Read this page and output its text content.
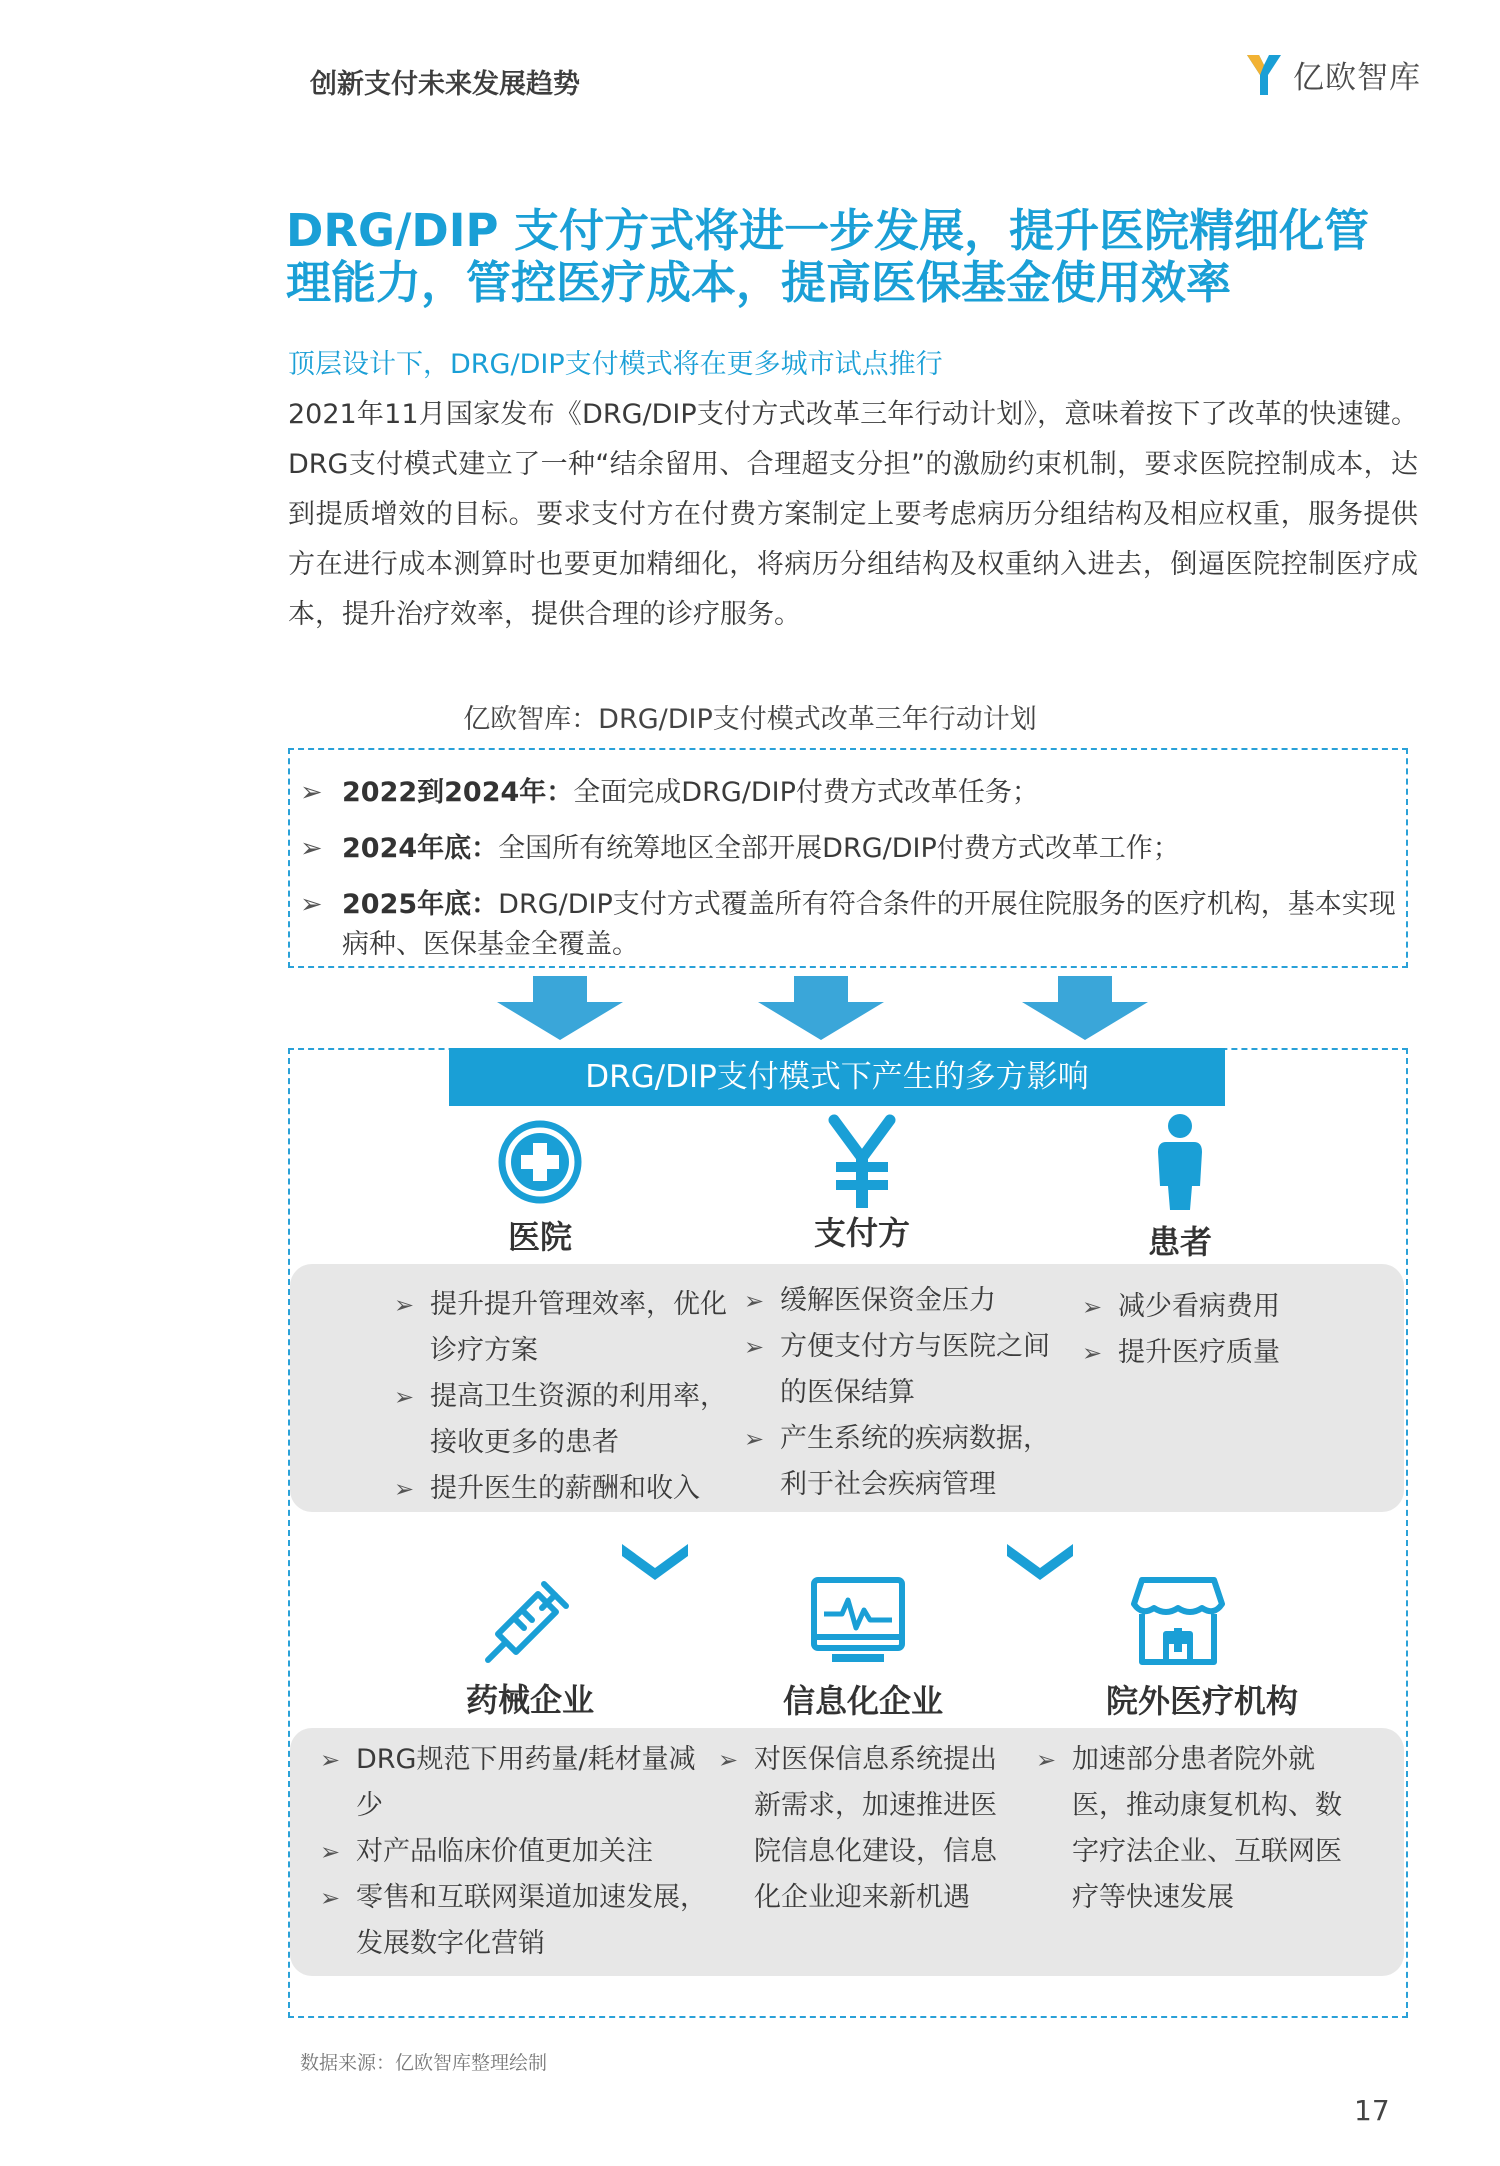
创新支付未来发展趋势	亿欧智库
DRG/DIP 支付方式将进一步发展，提升医院精细化管理能力，管控医疗成本，提高医保基金使用效率
顶层设计下，DRG/DIP支付模式将在更多城市试点推行
2021年11月国家发布《DRG/DIP支付方式改革三年行动计划》，意味着按下了改革的快速键。DRG支付模式建立了一种“结余留用、合理超支分担”的激励约束机制，要求医院控制成本，达到提质增效的目标。要求支付方在付费方案制定上要考虑病历分组结构及相应权重，服务提供方在进行成本测算时也要更加精细化，将病历分组结构及权重纳入进去，倒逼医院控制医疗成本，提升治疗效率，提供合理的诊疗服务。
亿欧智库：DRG/DIP支付模式改革三年行动计划
➢ 2022到2024年：全面完成DRG/DIP付费方式改革任务；
➢ 2024年底：全国所有统筹地区全部开展DRG/DIP付费方式改革工作；
➢ 2025年底：DRG/DIP支付方式覆盖所有符合条件的开展住院服务的医疗机构，基本实现病种、医保基金全覆盖。
DRG/DIP支付模式下产生的多方影响
医院	支付方	患者
➢ 提升提升管理效率，优化诊疗方案
➢ 提高卫生资源的利用率，接收更多的患者
➢ 提升医生的薪酬和收入
➢ 缓解医保资金压力
➢ 方便支付方与医院之间的医保结算
➢ 产生系统的疾病数据，利于社会疾病管理
➢ 减少看病费用
➢ 提升医疗质量
药械企业	信息化企业	院外医疗机构
➢ DRG规范下用药量/耗材量减少
➢ 对产品临床价值更加关注
➢ 零售和互联网渠道加速发展，发展数字化营销
➢ 对医保信息系统提出新需求，加速推进医院信息化建设，信息化企业迎来新机遇
➢ 加速部分患者院外就医，推动康复机构、数字疗法企业、互联网医疗等快速发展
数据来源：亿欧智库整理绘制
17
